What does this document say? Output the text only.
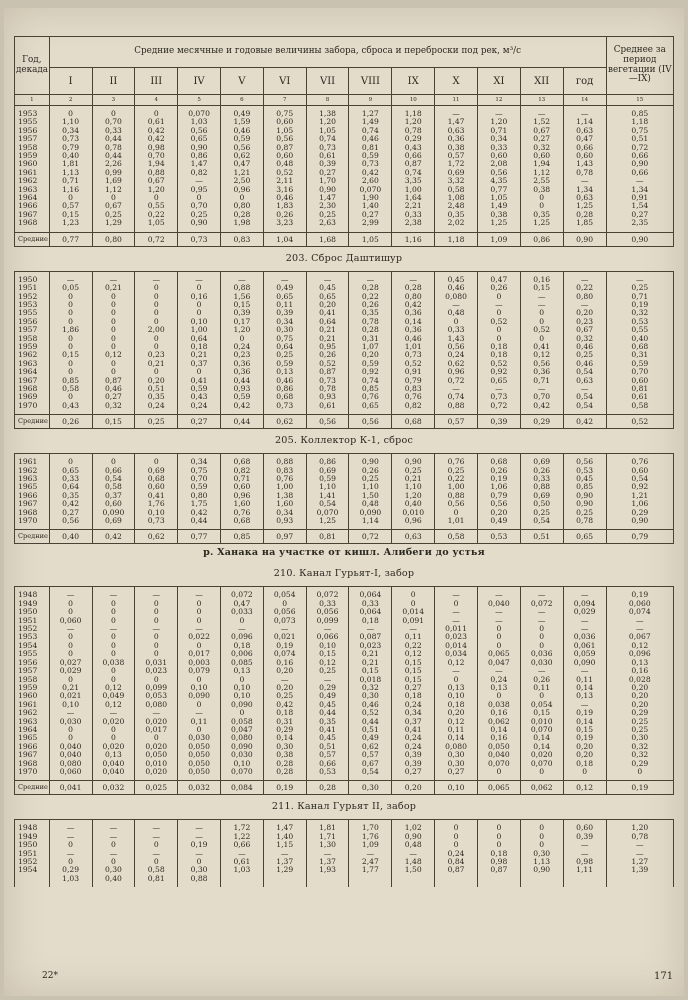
Год, декада	Средние месячные и годовые величины забора, сброса и переброски под рек, м³/с													Среднее за период вегетации (IV—IX)
	I	II	III	IV	V	VI	VII	VIII	IX	X	XI	XII	год	
1	2	3	4	5	6	7	8	9	10	11	12	13	14	15

1953	0	0	0	0,070	0,49	0,75	1,38	1,27	1,18	—	—	—	—	0,85
1955	1,10	0,70	0,61	1,03	1,59	0,60	1,20	1,49	1,20	1,47	1,20	1,52	1,14	1,18
1956	0,34	0,33	0,42	0,56	0,46	1,05	1,05	0,74	0,78	0,63	0,71	0,67	0,63	0,75
1957	0,73	0,44	0,42	0,65	0,59	0,56	0,74	0,46	0,29	0,36	0,34	0,27	0,47	0,51
1958	0,79	0,78	0,98	0,90	0,56	0,87	0,73	0,81	0,43	0,38	0,33	0,32	0,66	0,72
1959	0,40	0,44	0,70	0,86	0,62	0,60	0,61	0,59	0,66	0,57	0,60	0,60	0,60	0,66
1960	1,81	2,26	1,94	1,47	0,47	0,48	0,39	0,73	0,87	1,72	2,08	1,94	1,43	0,90
1961	1,13	0,99	0,88	0,82	1,21	0,52	0,27	0,42	0,74	0,69	0,56	1,12	0,78	0,66
1962	0,71	1,69	0,67	—	2,50	2,11	1,70	2,60	3,35	3,32	4,35	2,55	—	—
1963	1,16	1,12	1,20	0,95	0,96	3,16	0,90	0,070	1,00	0,58	0,77	0,38	1,34	1,34
1964	0	0	0	0	0	0,46	1,47	1,90	1,64	1,08	1,05	0	0,63	0,91
1966	0,57	0,67	0,55	0,70	0,80	1,83	2,30	1,40	2,21	2,48	1,49	0	1,25	1,54
1967	0,15	0,25	0,22	0,25	0,28	0,26	0,25	0,27	0,33	0,35	0,38	0,35	0,28	0,27
1968	1,23	1,29	1,05	0,90	1,98	3,23	2,63	2,99	2,38	2,02	1,25	1,25	1,85	2,35

Средние	0,77	0,80	0,72	0,73	0,83	1,04	1,68	1,05	1,16	1,18	1,09	0,86	0,90	0,90
203. Сброс Даштишур														

1950	—	—	—	—	—	—	—	—	—	0,45	0,47	0,16	—	—
1951	0,05	0,21	0	0	0,88	0,49	0,45	0,28	0,28	0,46	0,26	0,15	0,22	0,25
1952	0	0	0	0,16	1,56	0,65	0,65	0,22	0,80	0,080	0	—	0,80	0,71
1953	0	0	0	0	0,15	0,11	0,20	0,26	0,42	—	—	—	—	0,19
1955	0	0	0	0	0,39	0,39	0,41	0,35	0,36	0,48	0	0	0,20	0,32
1956	0	0	0	0,10	0,17	0,34	0,64	0,78	0,14	0	0,52	0	0,23	0,53
1957	1,86	0	2,00	1,00	1,20	0,30	0,21	0,28	0,36	0,33	0	0,52	0,67	0,55
1958	0	0	0	0,64	0	0,75	0,21	0,31	0,46	1,43	0	0	0,32	0,40
1959	0	0	0	0,18	0,24	0,64	0,95	1,07	1,01	0,56	0,18	0,41	0,46	0,68
1962	0,15	0,12	0,23	0,21	0,23	0,25	0,26	0,20	0,73	0,24	0,18	0,12	0,25	0,31
1963	0	0	0,21	0,37	0,36	0,59	0,52	0,59	0,52	0,62	0,52	0,56	0,46	0,59
1964	0	0	0	0	0,36	0,13	0,87	0,92	0,91	0,96	0,92	0,36	0,54	0,70
1967	0,85	0,87	0,20	0,41	0,44	0,46	0,73	0,74	0,79	0,72	0,65	0,71	0,63	0,60
1968	0,58	0,46	0,51	0,59	0,93	0,86	0,78	0,85	0,83	—	—	—	—	0,81
1969	0	0,27	0,35	0,43	0,59	0,68	0,93	0,76	0,76	0,74	0,73	0,70	0,54	0,61
1970	0,43	0,32	0,24	0,24	0,42	0,73	0,61	0,65	0,82	0,88	0,72	0,42	0,54	0,58

Средние	0,26	0,15	0,25	0,27	0,44	0,62	0,56	0,56	0,68	0,57	0,39	0,29	0,42	0,52
205. Коллектор К-1, сброс														

1961	0	0	0	0,34	0,68	0,88	0,86	0,90	0,90	0,76	0,68	0,69	0,56	0,76
1962	0,65	0,66	0,69	0,75	0,82	0,83	0,69	0,26	0,25	0,25	0,26	0,26	0,53	0,60
1963	0,33	0,54	0,68	0,70	0,71	0,76	0,59	0,25	0,21	0,22	0,19	0,33	0,45	0,54
1965	0,64	0,58	0,60	0,59	0,60	1,00	1,10	1,10	1,10	1,00	1,06	0,88	0,85	0,92
1966	0,35	0,37	0,41	0,80	0,96	1,38	1,41	1,50	1,20	0,88	0,79	0,69	0,90	1,21
1967	0,42	0,60	1,76	1,75	1,60	1,60	0,54	0,48	0,40	0,56	0,56	0,50	0,90	1,06
1968	0,27	0,090	0,10	0,42	0,76	0,34	0,070	0,090	0,010	0	0,20	0,25	0,25	0,29
1970	0,56	0,69	0,73	0,44	0,68	0,93	1,25	1,14	0,96	1,01	0,49	0,54	0,78	0,90

Средние	0,40	0,42	0,62	0,77	0,85	0,97	0,81	0,72	0,63	0,58	0,53	0,51	0,65	0,79
р. Ханака на участке от кишл. Алибеги до устья														
210. Канал Гурьят-I, забор														

1948	—	—	—	—	0,072	0,054	0,072	0,064	0	—	—	—	—	0,19
1949	0	0	0	0	0,47	0	0,33	0,33	0	0	0,040	0,072	0,094	0,060
1950	0	0	0	0	0,033	0,056	0,056	0,064	0,014	—	—	—	0,029	0,074
1951	0,060	0	0	0	0	0,073	0,099	0,18	0,091	—	—	—	—	—
1952	—	—	—	—	—	—	—	—	—	0,011	0	0	—	—
1953	0	0	0	0,022	0,096	0,021	0,066	0,087	0,11	0,023	0	0	0,036	0,067
1954	0	0	0	0	0,18	0,19	0,10	0,023	0,22	0,014	0	0	0,061	0,12
1955	0	0	0	0,017	0,006	0,074	0,15	0,21	0,12	0,034	0,065	0,036	0,059	0,096
1956	0,027	0,038	0,031	0,003	0,085	0,16	0,12	0,21	0,15	0,12	0,047	0,030	0,090	0,13
1957	0,029	0	0,023	0,079	0,13	0,20	0,25	0,15	0,15	—	—	—	—	0,16
1958	0	0	0	0	0	—	—	0,018	0,15	0	0,24	0,26	0,11	0,028
1959	0,21	0,12	0,099	0,10	0,10	0,20	0,29	0,32	0,27	0,13	0,13	0,11	0,14	0,20
1960	0,021	0,049	0,053	0,090	0,10	0,25	0,49	0,30	0,18	0,10	0	0	0,13	0,20
1961	0,10	0,12	0,080	0	0,090	0,42	0,45	0,46	0,24	0,18	0,038	0,054	—	0,20
1962	—	—	—	—	0	0,18	0,44	0,52	0,34	0,20	0,16	0,15	0,19	0,29
1963	0,030	0,020	0,020	0,11	0,058	0,31	0,35	0,44	0,37	0,12	0,062	0,010	0,14	0,25
1964	0	0	0,017	0	0,047	0,29	0,41	0,51	0,41	0,11	0,14	0,070	0,15	0,25
1965	0	0	0	0,030	0,080	0,14	0,45	0,49	0,24	0,14	0,16	0,14	0,19	0,30
1966	0,040	0,020	0,020	0,050	0,090	0,30	0,51	0,62	0,24	0,080	0,050	0,14	0,20	0,32
1967	0,040	0,13	0,050	0,050	0,030	0,38	0,57	0,57	0,39	0,30	0,040	0,020	0,20	0,32
1968	0,080	0,040	0,010	0,050	0,10	0,28	0,66	0,67	0,39	0,30	0,070	0,070	0,18	0,29
1970	0,060	0,040	0,020	0,050	0,070	0,28	0,53	0,54	0,27	0,27	0	0	0	0

Средние	0,041	0,032	0,025	0,032	0,084	0,19	0,28	0,30	0,20	0,10	0,065	0,062	0,12	0,19
211. Канал Гурьят II, забор														

1948	—	—	—	—	1,72	1,47	1,81	1,70	1,02	0	0	0	0,60	1,20
1949	—	—	—	—	1,22	1,40	1,71	1,76	0,90	0	0	0	0,39	0,78
1950	0	0	0	0,19	0,66	1,15	1,30	1,09	0,48	0	0	0	—	—
1951	—	—	—	—	—	—	—	—	—	0,24	0,18	0,30	—	—
1952	0	0	0	0	0,61	1,37	1,37	2,47	1,48	0,84	0,98	1,13	0,98	1,27
1954	0,29	0,30	0,58	0,30	1,03	1,29	1,93	1,77	1,50	0,87	0,87	0,90	1,11	1,39
	1,03	0,40	0,81	0,88										

22*	171
